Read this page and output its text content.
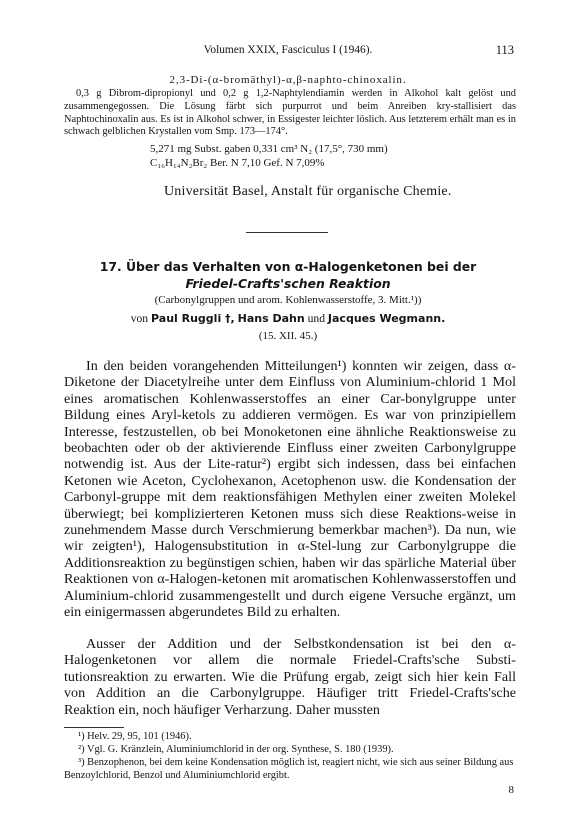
Volumen XXIX, Fasciculus I (1946).	113
2,3-Di-(α-bromäthyl)-α,β-naphto-chinoxalin.
0,3 g Dibrom-dipropionyl und 0,2 g 1,2-Naphtylendiamin werden in Alkohol kalt gelöst und zusammengegossen. Die Lösung färbt sich purpurrot und beim Anreiben kry-stallisiert das Naphtochinoxalin aus. Es ist in Alkohol schwer, in Essigester leichter löslich. Aus letzterem erhält man es in schwach gelblichen Krystallen vom Smp. 173—174°.
5,271 mg Subst. gaben 0,331 cm³ N₂ (17,5°, 730 mm)
C₁₆H₁₄N₂Br₂ Ber. N 7,10 Gef. N 7,09%
Universität Basel, Anstalt für organische Chemie.
17. Über das Verhalten von α-Halogenketonen bei der
Friedel-Crafts'schen Reaktion
(Carbonylgruppen und arom. Kohlenwasserstoffe, 3. Mitt.¹))
von Paul Ruggli †, Hans Dahn und Jacques Wegmann.
(15. XII. 45.)

In den beiden vorangehenden Mitteilungen¹) konnten wir zeigen, dass α-Diketone der Diacetylreihe unter dem Einfluss von Aluminium-chlorid 1 Mol eines aromatischen Kohlenwasserstoffes an einer Car-bonylgruppe unter Bildung eines Aryl-ketols zu addieren vermögen. Es war von prinzipiellem Interesse, festzustellen, ob bei Monoketonen eine ähnliche Reaktionsweise zu beobachten oder ob der aktivierende Einfluss einer zweiten Carbonylgruppe notwendig ist. Aus der Lite-ratur²) ergibt sich indessen, dass bei einfachen Ketonen wie Aceton, Cyclohexanon, Acetophenon usw. die Kondensation der Carbonyl-gruppe mit dem reaktionsfähigen Methylen einer zweiten Molekel überwiegt; bei komplizierteren Ketonen muss sich diese Reaktions-weise in zunehmendem Masse durch Verschmierung bemerkbar machen³). Da nun, wie wir zeigten¹), Halogensubstitution in α-Stel-lung zur Carbonylgruppe die Additionsreaktion zu begünstigen schien, haben wir das spärliche Material über Reaktionen von α-Halogen-ketonen mit aromatischen Kohlenwasserstoffen und Aluminium-chlorid zusammengestellt und durch eigene Versuche ergänzt, um ein einigermassen abgerundetes Bild zu erhalten.

Ausser der Addition und der Selbstkondensation ist bei den α-Halogenketonen vor allem die normale Friedel-Crafts'sche Substi-tutionsreaktion zu erwarten. Wie die Prüfung ergab, zeigt sich hier kein Fall von Addition an die Carbonylgruppe. Häufiger tritt Friedel-Crafts'sche Reaktion ein, noch häufiger Verharzung. Daher mussten

¹) Helv. 29, 95, 101 (1946).
²) Vgl. G. Kränzlein, Aluminiumchlorid in der org. Synthese, S. 180 (1939).
³) Benzophenon, bei dem keine Kondensation möglich ist, reagiert nicht, wie sich aus seiner Bildung aus Benzoylchlorid, Benzol und Aluminiumchlorid ergibt.
8
